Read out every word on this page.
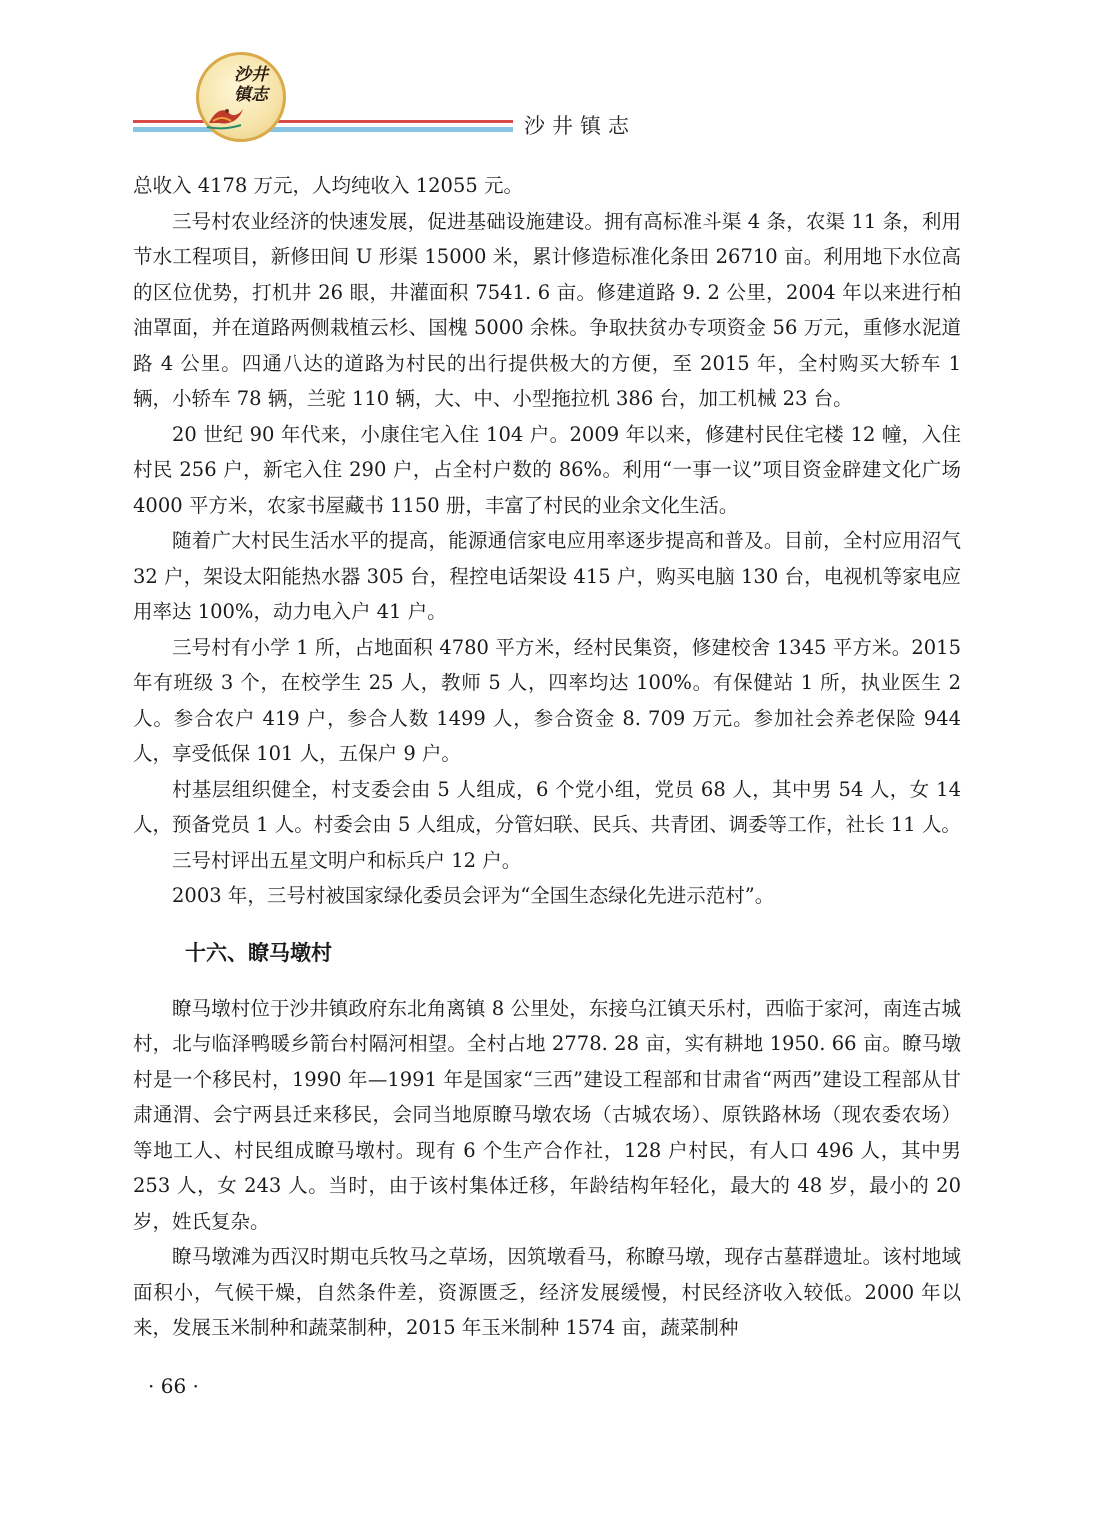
沙井镇志
沙井镇志

总收入 4178 万元，人均纯收入 12055 元。

三号村农业经济的快速发展，促进基础设施建设。拥有高标准斗渠 4 条，农渠 11 条，利用节水工程项目，新修田间 U 形渠 15000 米，累计修造标准化条田 26710 亩。利用地下水位高的区位优势，打机井 26 眼，井灌面积 7541. 6 亩。修建道路 9. 2 公里，2004 年以来进行柏油罩面，并在道路两侧栽植云杉、国槐 5000 余株。争取扶贫办专项资金 56 万元，重修水泥道路 4 公里。四通八达的道路为村民的出行提供极大的方便，至 2015 年，全村购买大轿车 1 辆，小轿车 78 辆，兰驼 110 辆，大、中、小型拖拉机 386 台，加工机械 23 台。

20 世纪 90 年代来，小康住宅入住 104 户。2009 年以来，修建村民住宅楼 12 幢，入住村民 256 户，新宅入住 290 户，占全村户数的 86%。利用“一事一议”项目资金辟建文化广场 4000 平方米，农家书屋藏书 1150 册，丰富了村民的业余文化生活。

随着广大村民生活水平的提高，能源通信家电应用率逐步提高和普及。目前，全村应用沼气 32 户，架设太阳能热水器 305 台，程控电话架设 415 户，购买电脑 130 台，电视机等家电应用率达 100%，动力电入户 41 户。

三号村有小学 1 所，占地面积 4780 平方米，经村民集资，修建校舍 1345 平方米。2015 年有班级 3 个，在校学生 25 人，教师 5 人，四率均达 100%。有保健站 1 所，执业医生 2 人。参合农户 419 户，参合人数 1499 人，参合资金 8. 709 万元。参加社会养老保险 944 人，享受低保 101 人，五保户 9 户。

村基层组织健全，村支委会由 5 人组成，6 个党小组，党员 68 人，其中男 54 人，女 14 人，预备党员 1 人。村委会由 5 人组成，分管妇联、民兵、共青团、调委等工作，社长 11 人。

三号村评出五星文明户和标兵户 12 户。

2003 年，三号村被国家绿化委员会评为“全国生态绿化先进示范村”。

十六、瞭马墩村

瞭马墩村位于沙井镇政府东北角离镇 8 公里处，东接乌江镇天乐村，西临于家河，南连古城村，北与临泽鸭暖乡箭台村隔河相望。全村占地 2778. 28 亩，实有耕地 1950. 66 亩。瞭马墩村是一个移民村，1990 年—1991 年是国家“三西”建设工程部和甘肃省“两西”建设工程部从甘肃通渭、会宁两县迁来移民，会同当地原瞭马墩农场（古城农场）、原铁路林场（现农委农场）等地工人、村民组成瞭马墩村。现有 6 个生产合作社，128 户村民，有人口 496 人，其中男 253 人，女 243 人。当时，由于该村集体迁移，年龄结构年轻化，最大的 48 岁，最小的 20 岁，姓氏复杂。

瞭马墩滩为西汉时期屯兵牧马之草场，因筑墩看马，称瞭马墩，现存古墓群遗址。该村地域面积小，气候干燥，自然条件差，资源匮乏，经济发展缓慢，村民经济收入较低。2000 年以来，发展玉米制种和蔬菜制种，2015 年玉米制种 1574 亩，蔬菜制种

· 66 ·
